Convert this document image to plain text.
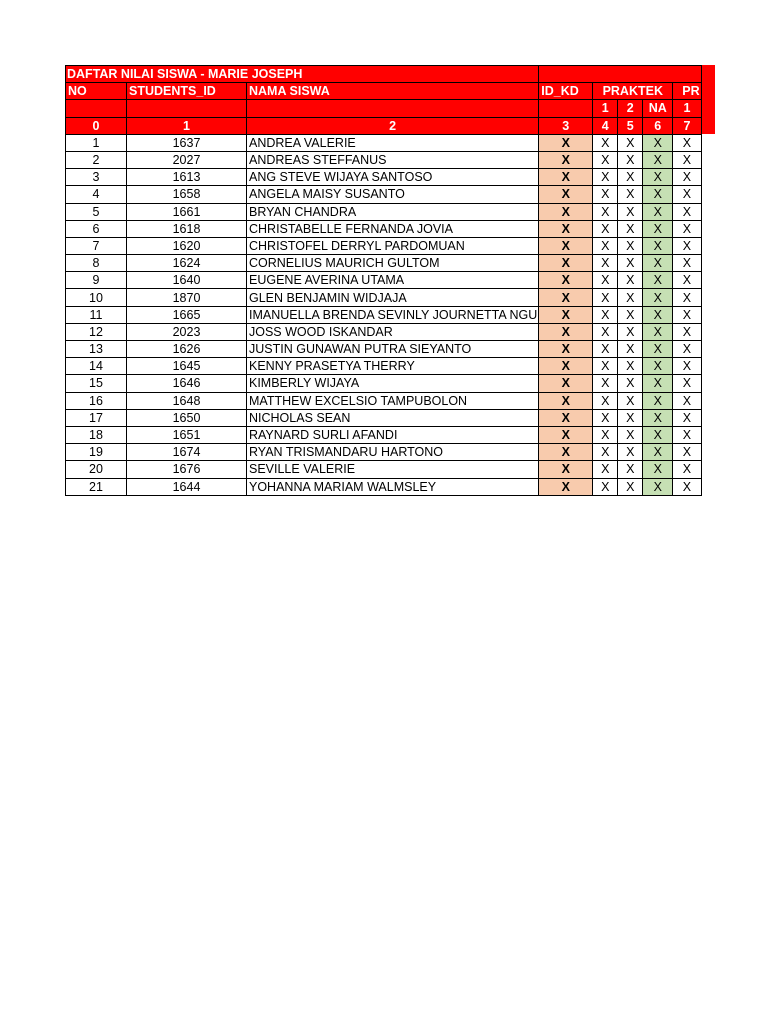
DAFTAR NILAI SISWA - MARIE JOSEPH							

NO	STUDENTS_ID	NAMA SISWA	ID_KD	PRAKTEK			PR
				1	2	NA	1
0	1	2	3	4	5	6	7
1	1637	ANDREA VALERIE	X	X	X	X	X
2	2027	ANDREAS STEFFANUS	X	X	X	X	X
3	1613	ANG STEVE WIJAYA SANTOSO	X	X	X	X	X
4	1658	ANGELA MAISY SUSANTO	X	X	X	X	X
5	1661	BRYAN CHANDRA	X	X	X	X	X
6	1618	CHRISTABELLE FERNANDA JOVIA	X	X	X	X	X
7	1620	CHRISTOFEL DERRYL PARDOMUAN	X	X	X	X	X
8	1624	CORNELIUS MAURICH GULTOM	X	X	X	X	X
9	1640	EUGENE AVERINA UTAMA	X	X	X	X	X
10	1870	GLEN BENJAMIN WIDJAJA	X	X	X	X	X
11	1665	IMANUELLA BRENDA SEVINLY JOURNETTA NGU	X	X	X	X	X
12	2023	JOSS WOOD ISKANDAR	X	X	X	X	X
13	1626	JUSTIN GUNAWAN PUTRA SIEYANTO	X	X	X	X	X
14	1645	KENNY PRASETYA THERRY	X	X	X	X	X
15	1646	KIMBERLY WIJAYA	X	X	X	X	X
16	1648	MATTHEW EXCELSIO TAMPUBOLON	X	X	X	X	X
17	1650	NICHOLAS SEAN	X	X	X	X	X
18	1651	RAYNARD SURLI AFANDI	X	X	X	X	X
19	1674	RYAN TRISMANDARU HARTONO	X	X	X	X	X
20	1676	SEVILLE VALERIE	X	X	X	X	X
21	1644	YOHANNA MARIAM WALMSLEY	X	X	X	X	X
